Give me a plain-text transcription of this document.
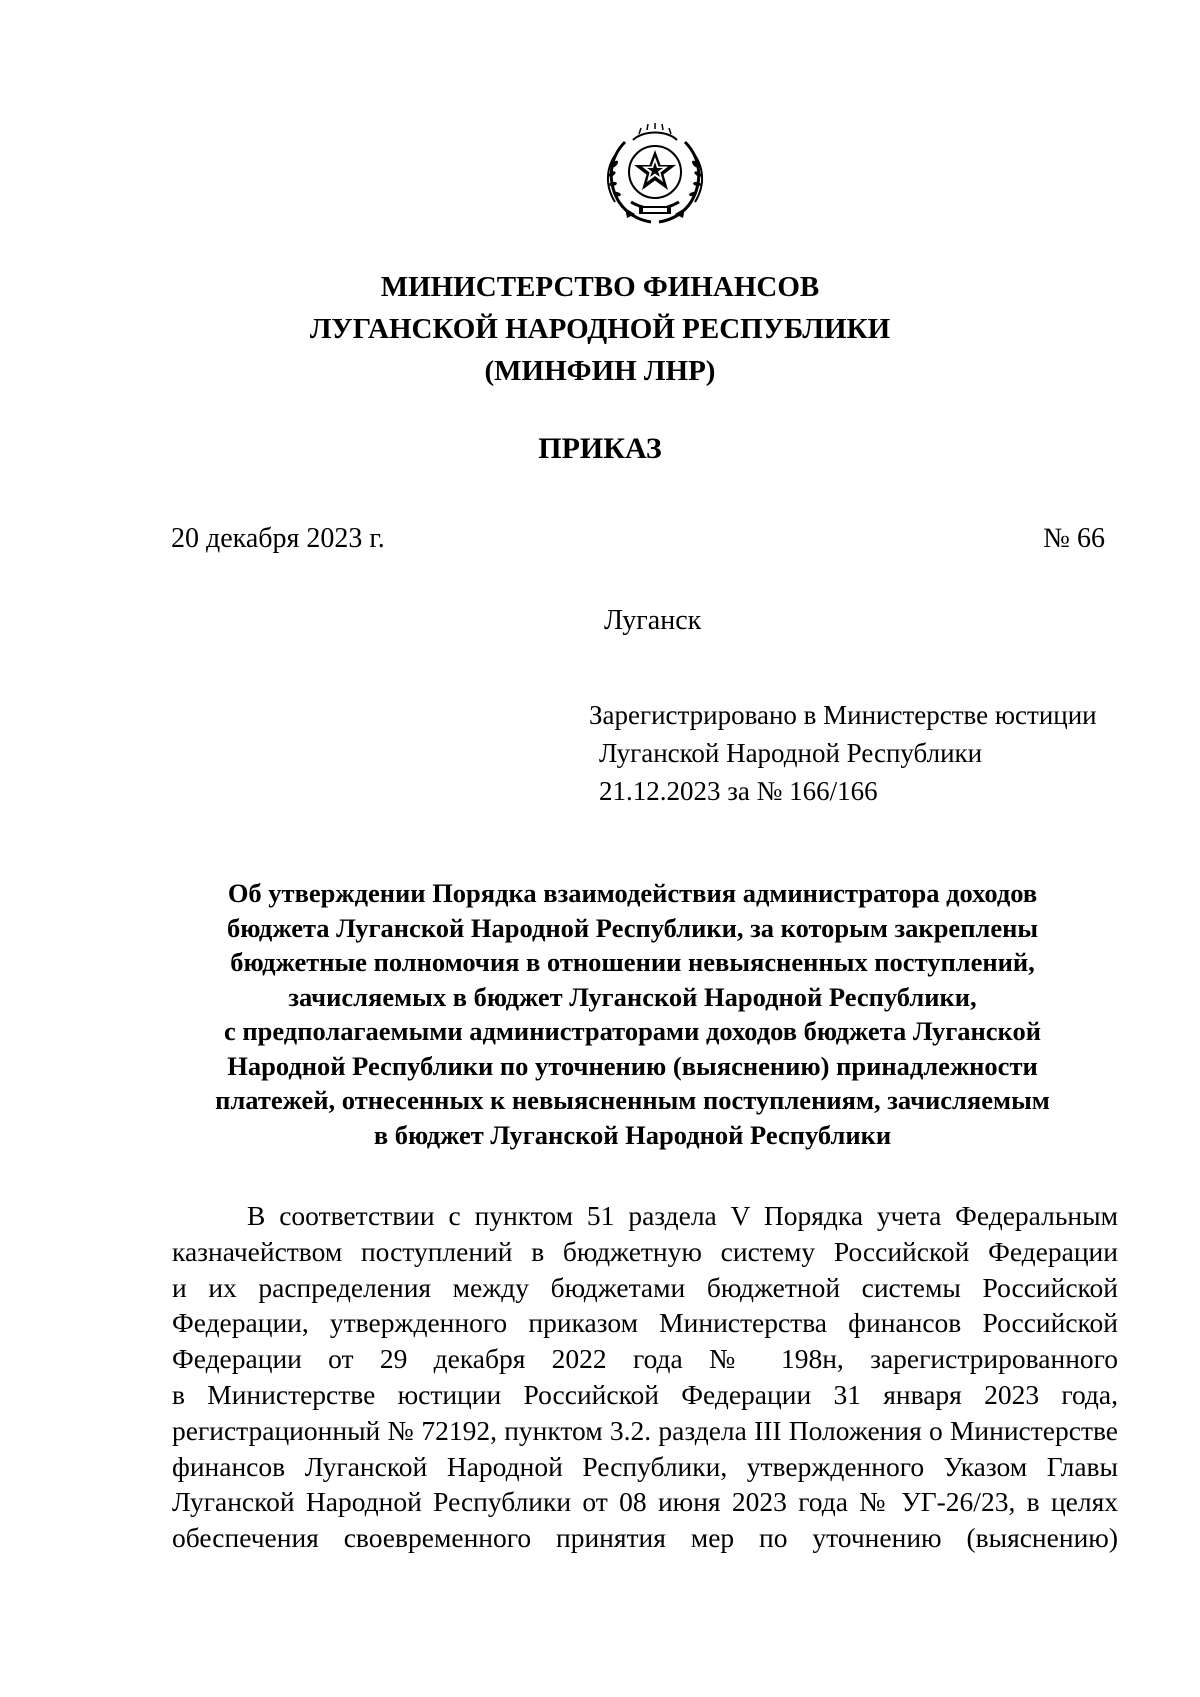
МИНИСТЕРСТВО ФИНАНСОВ
ЛУГАНСКОЙ НАРОДНОЙ РЕСПУБЛИКИ
(МИНФИН ЛНР)
ПРИКАЗ
20 декабря 2023 г.	№ 66
Луганск
Зарегистрировано в Министерстве юстиции
Луганской Народной Республики
21.12.2023 за № 166/166
Об утверждении Порядка взаимодействия администратора доходов
бюджета Луганской Народной Республики, за которым закреплены
бюджетные полномочия в отношении невыясненных поступлений,
зачисляемых в бюджет Луганской Народной Республики,
с предполагаемыми администраторами доходов бюджета Луганской
Народной Республики по уточнению (выяснению) принадлежности
платежей, отнесенных к невыясненным поступлениям, зачисляемым
в бюджет Луганской Народной Республики
В соответствии с пунктом 51 раздела V Порядка учета Федеральным
казначейством поступлений в бюджетную систему Российской Федерации
и их распределения между бюджетами бюджетной системы Российской
Федерации, утвержденного приказом Министерства финансов Российской
Федерации от 29 декабря 2022 года № 198н, зарегистрированного
в Министерстве юстиции Российской Федерации 31 января 2023 года,
регистрационный № 72192, пунктом 3.2. раздела III Положения о Министерстве
финансов Луганской Народной Республики, утвержденного Указом Главы
Луганской Народной Республики от 08 июня 2023 года № УГ-26/23, в целях
обеспечения своевременного принятия мер по уточнению (выяснению)
